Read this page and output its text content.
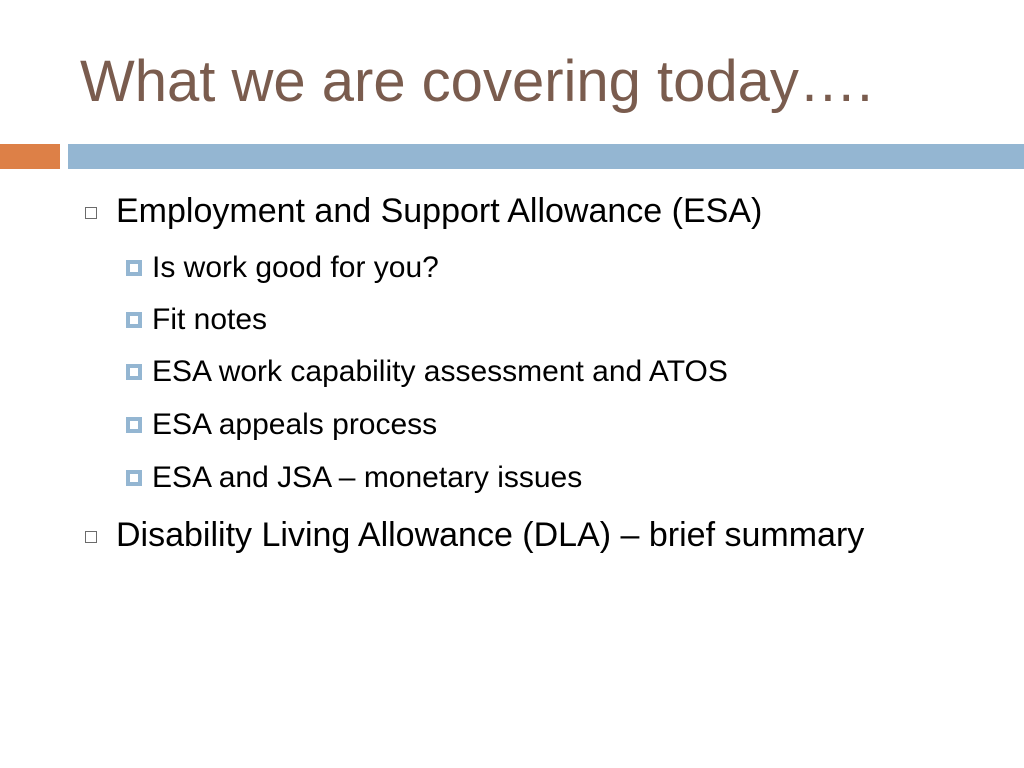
What we are covering today….
Employment and Support Allowance (ESA)
Is work good for you?
Fit notes
ESA work capability assessment and ATOS
ESA appeals process
ESA and JSA – monetary issues
Disability Living Allowance (DLA) – brief summary
